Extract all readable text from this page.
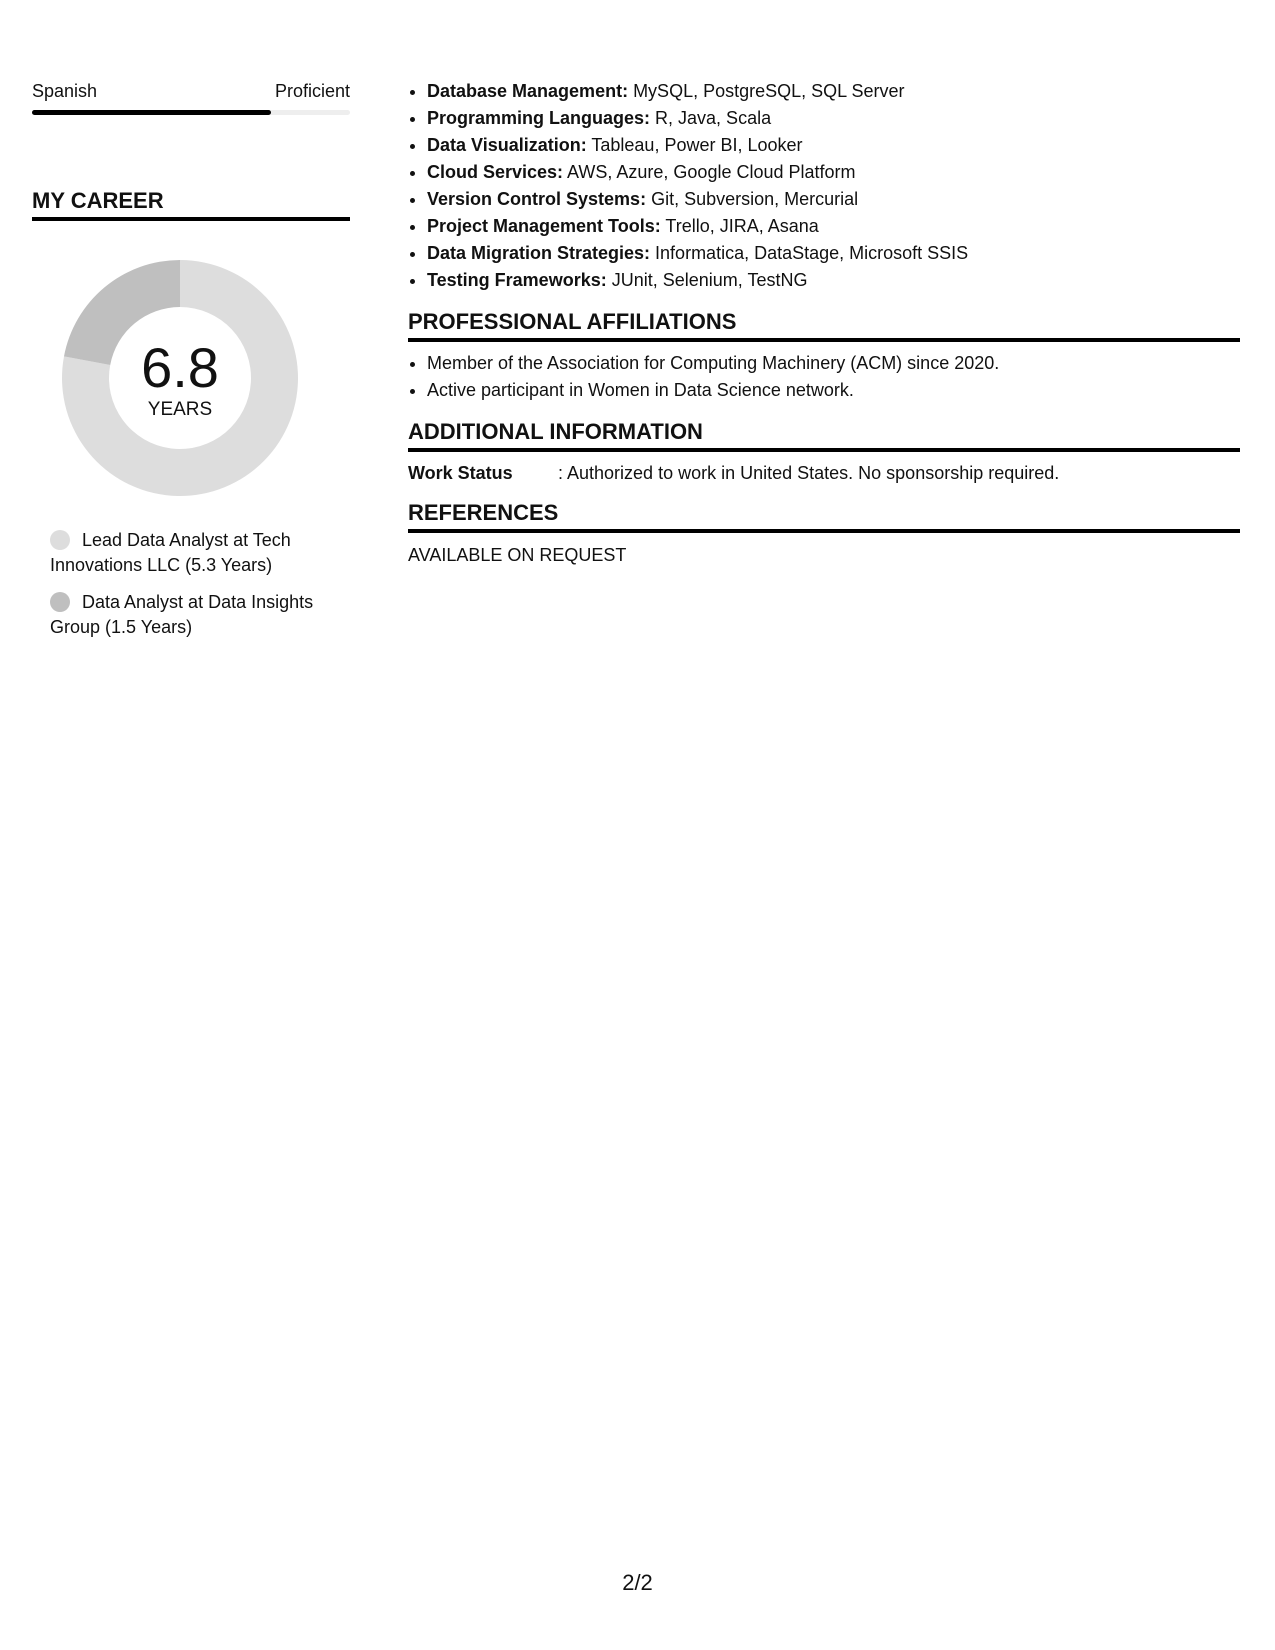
Spanish	Proficient
MY CAREER
6.8
YEARS
Lead Data Analyst at Tech Innovations LLC (5.3 Years)
Data Analyst at Data Insights Group (1.5 Years)
• Database Management: MySQL, PostgreSQL, SQL Server
• Programming Languages: R, Java, Scala
• Data Visualization: Tableau, Power BI, Looker
• Cloud Services: AWS, Azure, Google Cloud Platform
• Version Control Systems: Git, Subversion, Mercurial
• Project Management Tools: Trello, JIRA, Asana
• Data Migration Strategies: Informatica, DataStage, Microsoft SSIS
• Testing Frameworks: JUnit, Selenium, TestNG
PROFESSIONAL AFFILIATIONS
• Member of the Association for Computing Machinery (ACM) since 2020.
• Active participant in Women in Data Science network.
ADDITIONAL INFORMATION
Work Status	: Authorized to work in United States. No sponsorship required.
REFERENCES
AVAILABLE ON REQUEST
2/2
